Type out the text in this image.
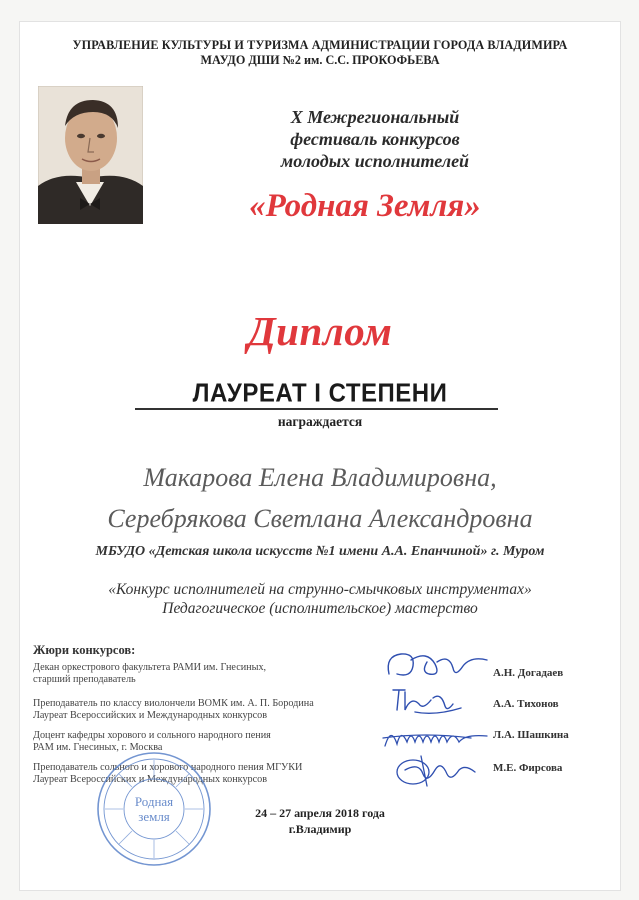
УПРАВЛЕНИЕ КУЛЬТУРЫ И ТУРИЗМА АДМИНИСТРАЦИИ ГОРОДА ВЛАДИМИРА
МАУДО ДШИ №2 им. С.С. ПРОКОФЬЕВА
X Межрегиональный
фестиваль конкурсов
молодых исполнителей
«Родная Земля»
Диплом
ЛАУРЕАТ I СТЕПЕНИ
награждается
Макарова Елена Владимировна,
Серебрякова Светлана Александровна
МБУДО «Детская школа искусств №1 имени А.А. Епанчиной» г. Муром
«Конкурс исполнителей на струнно-смычковых инструментах»
Педагогическое (исполнительское) мастерство
Жюри конкурсов:
Декан оркестрового факультета РАМИ им. Гнесиных,
старший преподаватель
А.Н. Догадаев
Преподаватель по классу виолончели ВОМК им. А. П. Бородина
Лауреат Всероссийских и Международных конкурсов
А.А. Тихонов
Доцент кафедры хорового и сольного народного пения
РАМ им. Гнесиных, г. Москва
Л.А. Шашкина
Преподаватель сольного и хорового народного пения МГУКИ
Лауреат Всероссийских и Международных конкурсов
М.Е. Фирсова
Родная
земля	24 – 27 апреля 2018 года
г.Владимир
